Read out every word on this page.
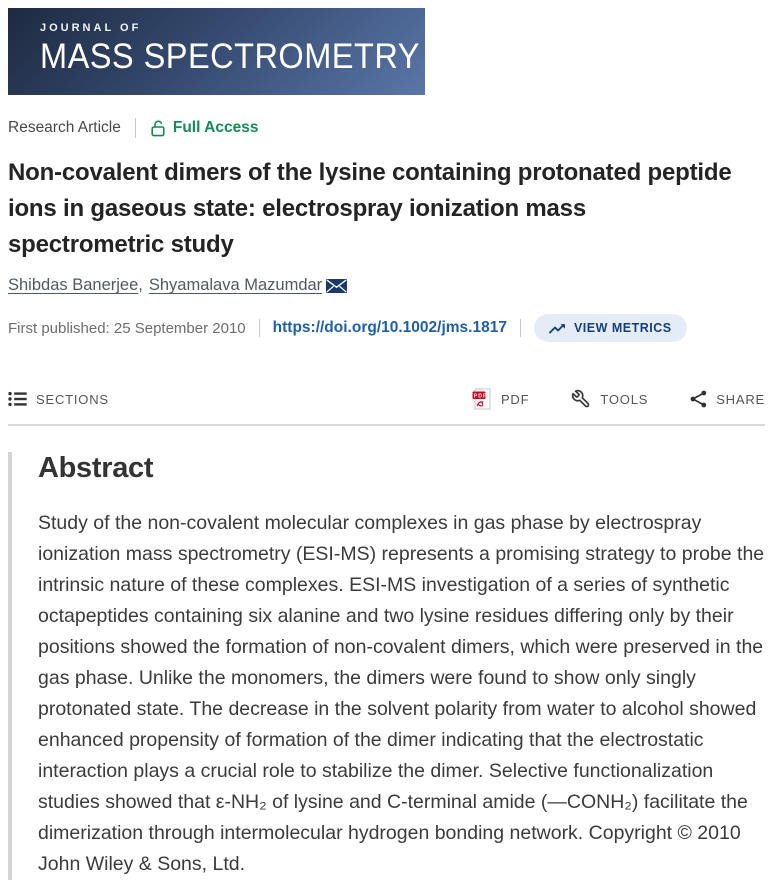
JOURNAL OF
MASS SPECTROMETRY
Research Article	Full Access
Non-covalent dimers of the lysine containing protonated peptide ions in gaseous state: electrospray ionization mass spectrometric study
Shibdas Banerjee , Shyamalava Mazumdar
First published: 25 September 2010 https://doi.org/10.1002/jms.1817	VIEW METRICS
SECTIONS	PDF PDF	TOOLS	SHARE
Abstract

Study of the non-covalent molecular complexes in gas phase by electrospray ionization mass spectrometry (ESI-MS) represents a promising strategy to probe the intrinsic nature of these complexes. ESI-MS investigation of a series of synthetic octapeptides containing six alanine and two lysine residues differing only by their positions showed the formation of non-covalent dimers, which were preserved in the gas phase. Unlike the monomers, the dimers were found to show only singly protonated state. The decrease in the solvent polarity from water to alcohol showed enhanced propensity of formation of the dimer indicating that the electrostatic interaction plays a crucial role to stabilize the dimer. Selective functionalization studies showed that ε-NH₂ of lysine and C-terminal amide (—CONH₂) facilitate the dimerization through intermolecular hydrogen bonding network. Copyright © 2010 John Wiley & Sons, Ltd.
